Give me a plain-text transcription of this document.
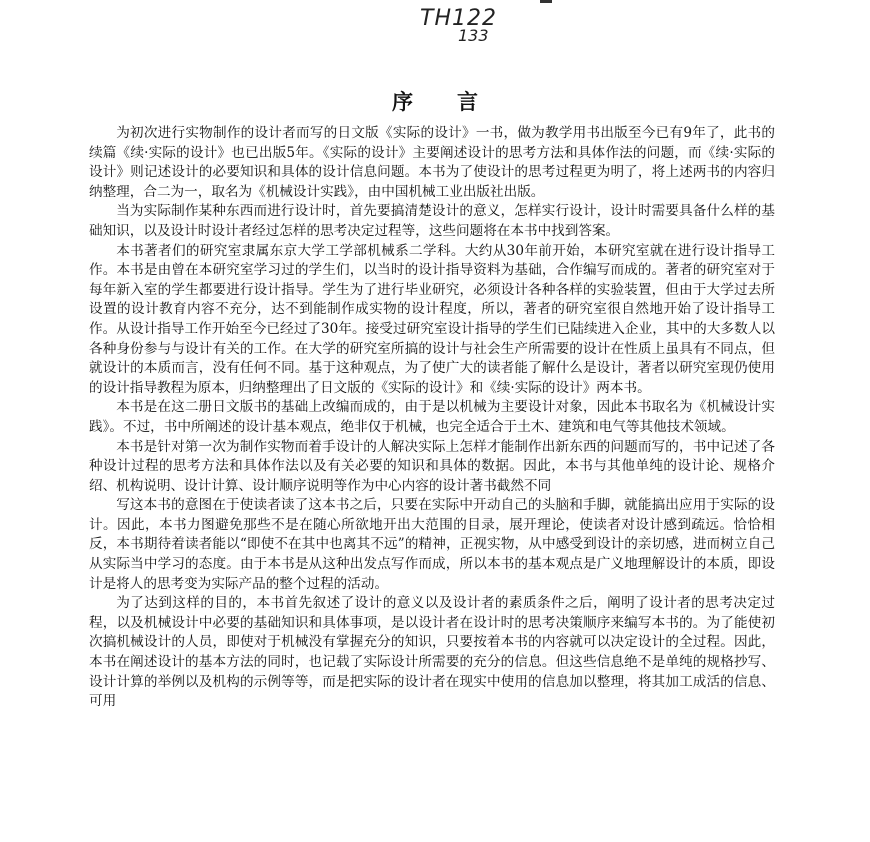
TH122
133
序言

为初次进行实物制作的设计者而写的日文版《实际的设计》一书，做为教学用书出版至今已有9年了，此书的续篇《续·实际的设计》也已出版5年。《实际的设计》主要阐述设计的思考方法和具体作法的问题，而《续·实际的设计》则记述设计的必要知识和具体的设计信息问题。本书为了使设计的思考过程更为明了，将上述两书的内容归纳整理，合二为一，取名为《机械设计实践》，由中国机械工业出版社出版。

当为实际制作某种东西而进行设计时，首先要搞清楚设计的意义，怎样实行设计，设计时需要具备什么样的基础知识，以及设计时设计者经过怎样的思考决定过程等，这些问题将在本书中找到答案。

本书著者们的研究室隶属东京大学工学部机械系二学科。大约从30年前开始，本研究室就在进行设计指导工作。本书是由曾在本研究室学习过的学生们，以当时的设计指导资料为基础，合作编写而成的。著者的研究室对于每年新入室的学生都要进行设计指导。学生为了进行毕业研究，必须设计各种各样的实验装置，但由于大学过去所设置的设计教育内容不充分，达不到能制作成实物的设计程度，所以，著者的研究室很自然地开始了设计指导工作。从设计指导工作开始至今已经过了30年。接受过研究室设计指导的学生们已陆续进入企业，其中的大多数人以各种身份参与与设计有关的工作。在大学的研究室所搞的设计与社会生产所需要的设计在性质上虽具有不同点，但就设计的本质而言，没有任何不同。基于这种观点，为了使广大的读者能了解什么是设计，著者以研究室现仍使用的设计指导教程为原本，归纳整理出了日文版的《实际的设计》和《续·实际的设计》两本书。

本书是在这二册日文版书的基础上改编而成的，由于是以机械为主要设计对象，因此本书取名为《机械设计实践》。不过，书中所阐述的设计基本观点，绝非仅于机械，也完全适合于土木、建筑和电气等其他技术领域。

本书是针对第一次为制作实物而着手设计的人解决实际上怎样才能制作出新东西的问题而写的，书中记述了各种设计过程的思考方法和具体作法以及有关必要的知识和具体的数据。因此，本书与其他单纯的设计论、规格介绍、机构说明、设计计算、设计顺序说明等作为中心内容的设计著书截然不同

写这本书的意图在于使读者读了这本书之后，只要在实际中开动自己的头脑和手脚，就能搞出应用于实际的设计。因此，本书力图避免那些不是在随心所欲地开出大范围的目录，展开理论，使读者对设计感到疏远。恰恰相反，本书期待着读者能以“即使不在其中也离其不远”的精神，正视实物，从中感受到设计的亲切感，进而树立自己从实际当中学习的态度。由于本书是从这种出发点写作而成，所以本书的基本观点是广义地理解设计的本质，即设计是将人的思考变为实际产品的整个过程的活动。

为了达到这样的目的，本书首先叙述了设计的意义以及设计者的素质条件之后，阐明了设计者的思考决定过程，以及机械设计中必要的基础知识和具体事项，是以设计者在设计时的思考决策顺序来编写本书的。为了能使初次搞机械设计的人员，即使对于机械没有掌握充分的知识，只要按着本书的内容就可以决定设计的全过程。因此，本书在阐述设计的基本方法的同时，也记载了实际设计所需要的充分的信息。但这些信息绝不是单纯的规格抄写、设计计算的举例以及机构的示例等等，而是把实际的设计者在现实中使用的信息加以整理，将其加工成活的信息、可用
